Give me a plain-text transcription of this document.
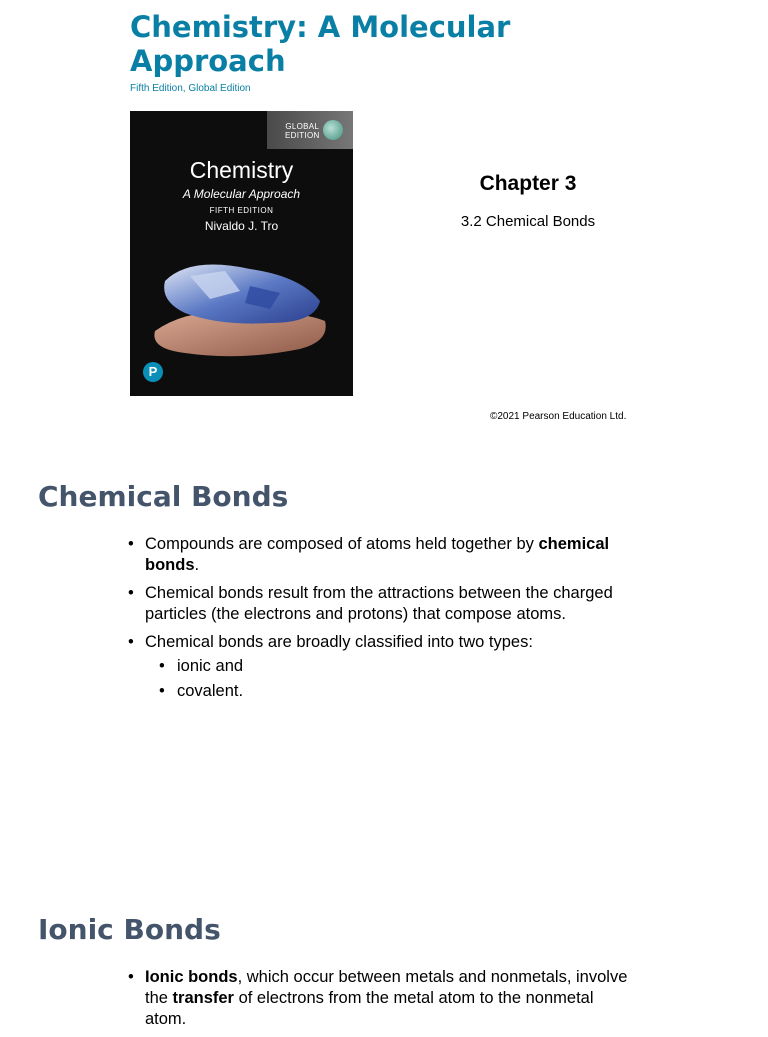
Chemistry: A Molecular Approach
Fifth Edition, Global Edition
GLOBAL
EDITION
Chemistry
A Molecular Approach
FIFTH EDITION
Nivaldo J. Tro
P
Chapter 3
3.2 Chemical Bonds
©2021 Pearson Education Ltd.
Chemical Bonds
• Compounds are composed of atoms held together by chemical bonds.
• Chemical bonds result from the attractions between the charged particles (the electrons and protons) that compose atoms.
• Chemical bonds are broadly classified into two types:
• ionic and
• covalent.
Ionic Bonds
• Ionic bonds, which occur between metals and nonmetals, involve the transfer of electrons from the metal atom to the nonmetal atom.
